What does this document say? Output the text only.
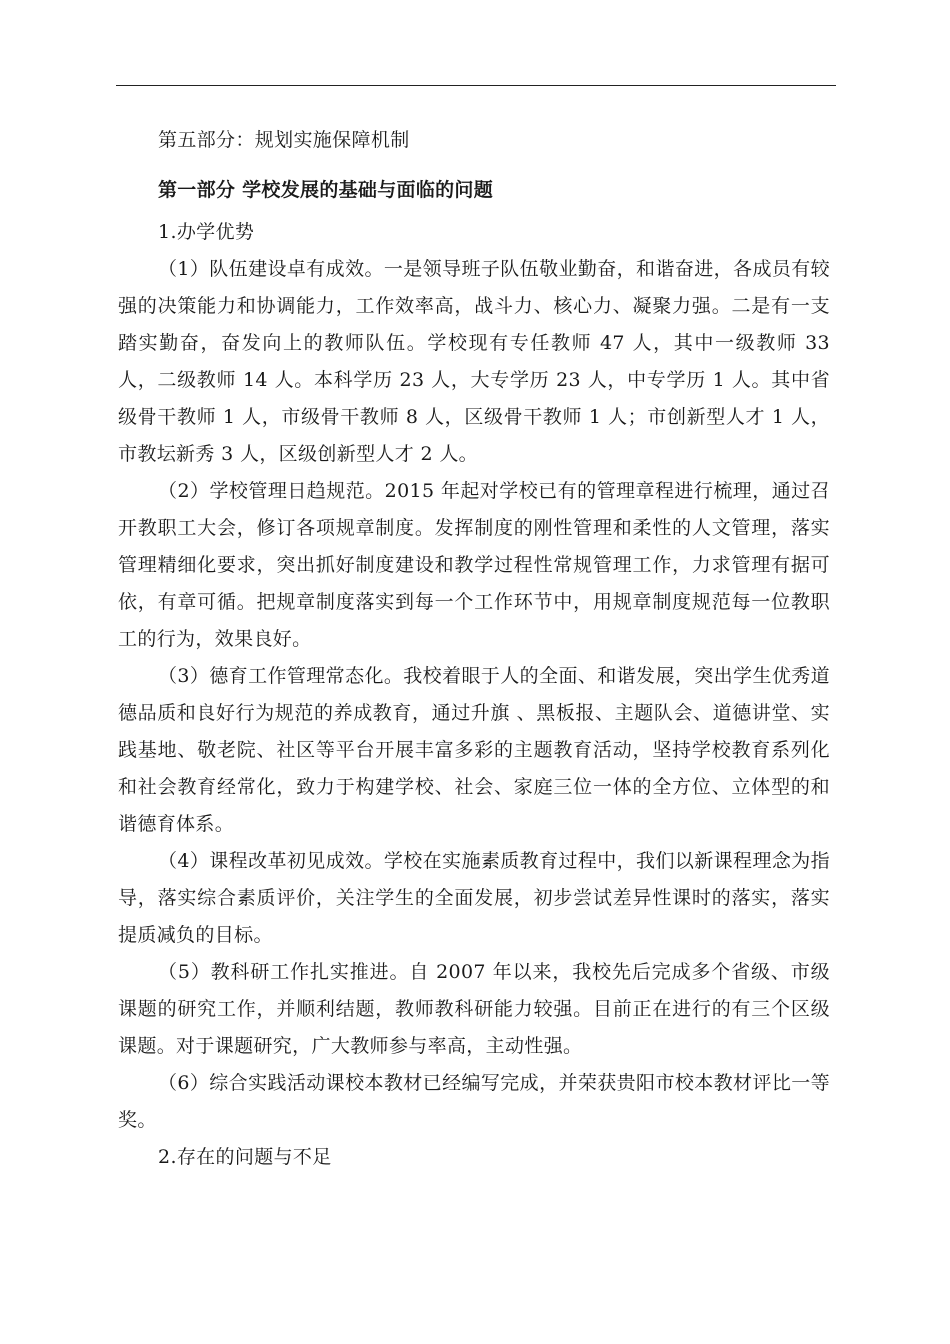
第五部分：规划实施保障机制

第一部分 学校发展的基础与面临的问题

1.办学优势

（1）队伍建设卓有成效。一是领导班子队伍敬业勤奋，和谐奋进，各成员有较强的决策能力和协调能力，工作效率高，战斗力、核心力、凝聚力强。二是有一支踏实勤奋，奋发向上的教师队伍。学校现有专任教师 47 人，其中一级教师 33 人，二级教师 14 人。本科学历 23 人，大专学历 23 人，中专学历 1 人。其中省级骨干教师 1 人，市级骨干教师 8 人，区级骨干教师 1 人；市创新型人才 1 人，市教坛新秀 3 人，区级创新型人才 2 人。

（2）学校管理日趋规范。2015 年起对学校已有的管理章程进行梳理，通过召开教职工大会，修订各项规章制度。发挥制度的刚性管理和柔性的人文管理，落实管理精细化要求，突出抓好制度建设和教学过程性常规管理工作，力求管理有据可依，有章可循。把规章制度落实到每一个工作环节中，用规章制度规范每一位教职工的行为，效果良好。

（3）德育工作管理常态化。我校着眼于人的全面、和谐发展，突出学生优秀道德品质和良好行为规范的养成教育，通过升旗 、黑板报、主题队会、道德讲堂、实践基地、敬老院、社区等平台开展丰富多彩的主题教育活动，坚持学校教育系列化和社会教育经常化，致力于构建学校、社会、家庭三位一体的全方位、立体型的和谐德育体系。

（4）课程改革初见成效。学校在实施素质教育过程中，我们以新课程理念为指导，落实综合素质评价，关注学生的全面发展，初步尝试差异性课时的落实，落实提质减负的目标。

（5）教科研工作扎实推进。自 2007 年以来，我校先后完成多个省级、市级课题的研究工作，并顺利结题，教师教科研能力较强。目前正在进行的有三个区级课题。对于课题研究，广大教师参与率高，主动性强。

（6）综合实践活动课校本教材已经编写完成，并荣获贵阳市校本教材评比一等奖。

2.存在的问题与不足
